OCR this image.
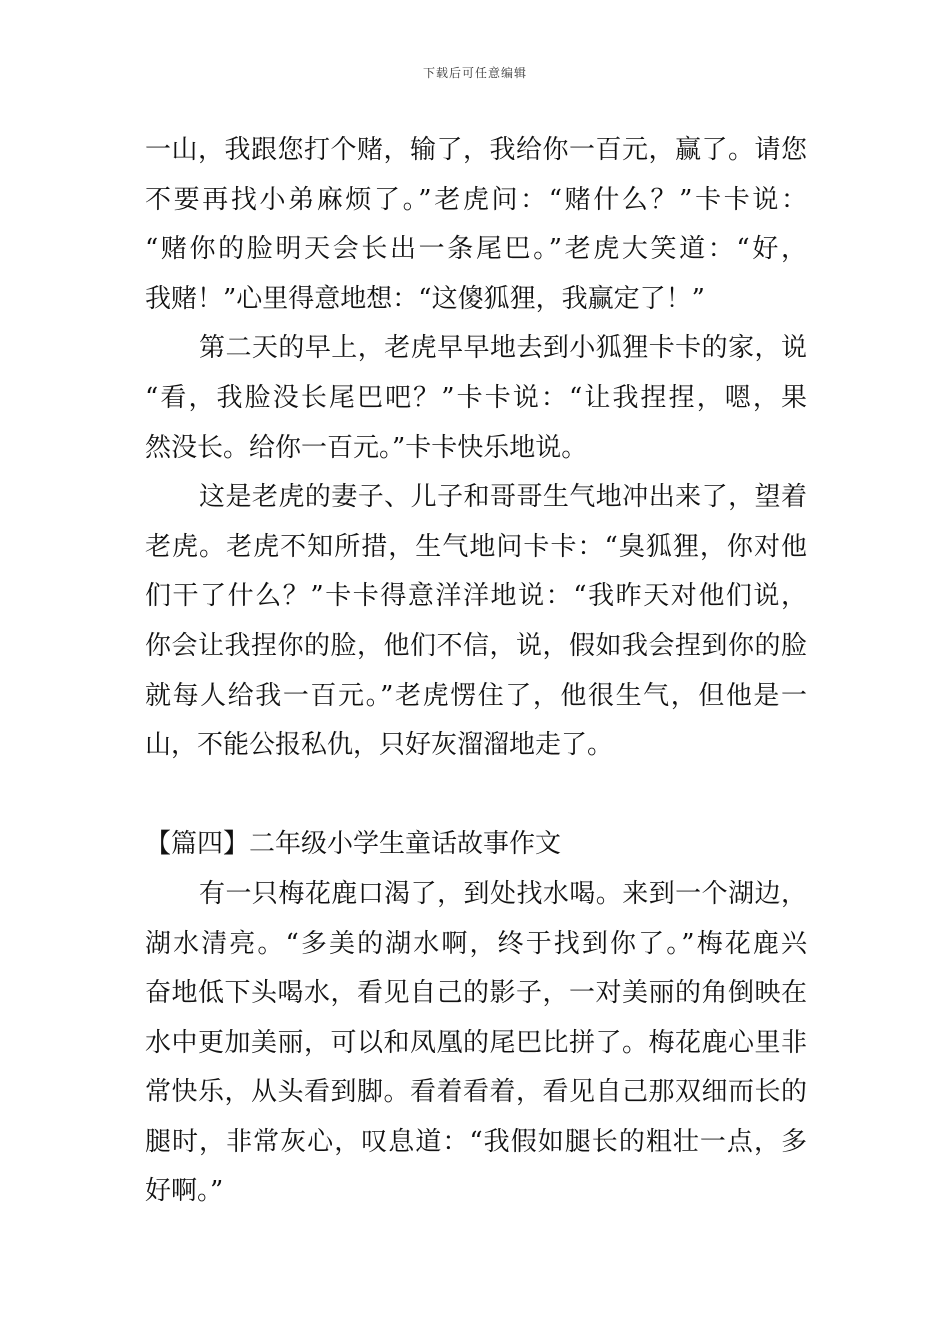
下载后可任意编辑
一山，我跟您打个赌，输了，我给你一百元，赢了。请您
不要再找小弟麻烦了。”老虎问：“赌什么？”卡卡说：
“赌你的脸明天会长出一条尾巴。”老虎大笑道：“好，
我赌！”心里得意地想：“这傻狐狸，我赢定了！”
第二天的早上，老虎早早地去到小狐狸卡卡的家，说
“看，我脸没长尾巴吧？”卡卡说：“让我捏捏，嗯，果
然没长。给你一百元。”卡卡快乐地说。
这是老虎的妻子、儿子和哥哥生气地冲出来了，望着
老虎。老虎不知所措，生气地问卡卡：“臭狐狸，你对他
们干了什么？”卡卡得意洋洋地说：“我昨天对他们说，
你会让我捏你的脸，他们不信，说，假如我会捏到你的脸
就每人给我一百元。”老虎愣住了，他很生气，但他是一
山，不能公报私仇，只好灰溜溜地走了。
【篇四】二年级小学生童话故事作文
有一只梅花鹿口渴了，到处找水喝。来到一个湖边，
湖水清亮。“多美的湖水啊，终于找到你了。”梅花鹿兴
奋地低下头喝水，看见自己的影子，一对美丽的角倒映在
水中更加美丽，可以和凤凰的尾巴比拼了。梅花鹿心里非
常快乐，从头看到脚。看着看着，看见自己那双细而长的
腿时，非常灰心，叹息道：“我假如腿长的粗壮一点，多
好啊。”
